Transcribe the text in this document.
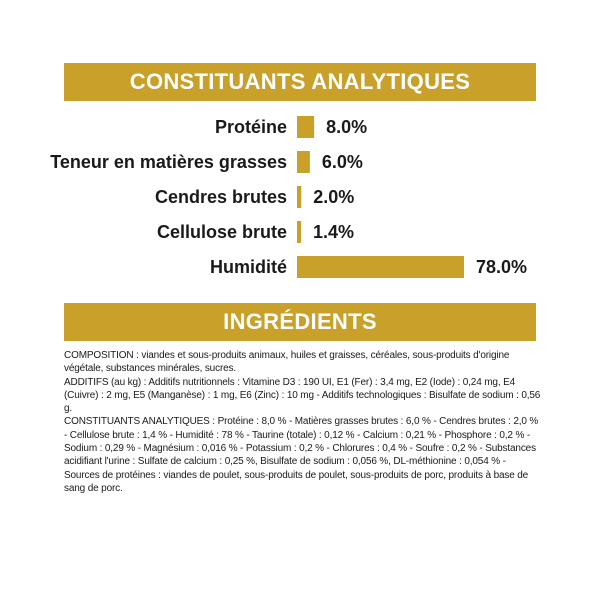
CONSTITUANTS ANALYTIQUES
Protéine 8.0%
Teneur en matières grasses 6.0%
Cendres brutes 2.0%
Cellulose brute 1.4%
Humidité	78.0%
INGRÉDIENTS

COMPOSITION : viandes et sous-produits animaux, huiles et graisses, céréales, sous-produits d'origine végétale, substances minérales, sucres.

ADDITIFS (au kg) : Additifs nutritionnels : Vitamine D3 : 190 UI, E1 (Fer) : 3,4 mg, E2 (Iode) : 0,24 mg, E4 (Cuivre) : 2 mg, E5 (Manganèse) : 1 mg, E6 (Zinc) : 10 mg - Additifs technologiques : Bisulfate de sodium : 0,56 g.

CONSTITUANTS ANALYTIQUES : Protéine : 8,0 % - Matières grasses brutes : 6,0 % - Cendres brutes : 2,0 % - Cellulose brute : 1,4 % - Humidité : 78 % - Taurine (totale) : 0,12 % - Calcium : 0,21 % - Phosphore : 0,2 % - Sodium : 0,29 % - Magnésium : 0,016 % - Potassium : 0,2 % - Chlorures : 0,4 % - Soufre : 0,2 % - Substances acidifiant l'urine : Sulfate de calcium : 0,25 %, Bisulfate de sodium : 0,056 %, DL-méthionine : 0,054 % - Sources de protéines : viandes de poulet, sous-produits de poulet, sous-produits de porc, produits à base de sang de porc.
